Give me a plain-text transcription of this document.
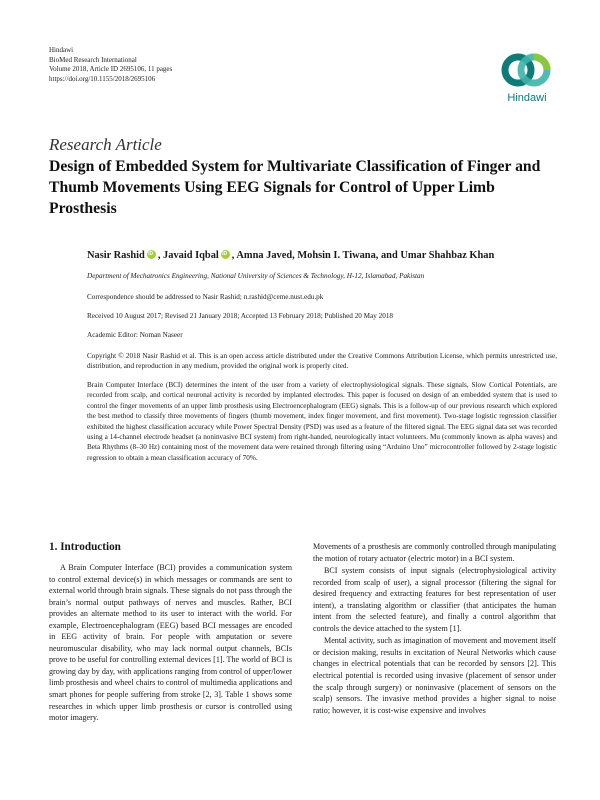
Hindawi
BioMed Research International
Volume 2018, Article ID 2695106, 11 pages
https://doi.org/10.1155/2018/2695106
Hindawi
Research Article
Design of Embedded System for Multivariate Classification of Finger and Thumb Movements Using EEG Signals for Control of Upper Limb Prosthesis
Nasir Rashid iD , Javaid Iqbal iD , Amna Javed, Mohsin I. Tiwana, and Umar Shahbaz Khan
Department of Mechatronics Engineering, National University of Sciences & Technology, H-12, Islamabad, Pakistan
Correspondence should be addressed to Nasir Rashid; n.rashid@ceme.nust.edu.pk
Received 10 August 2017; Revised 21 January 2018; Accepted 13 February 2018; Published 20 May 2018
Academic Editor: Noman Naseer
Copyright © 2018 Nasir Rashid et al. This is an open access article distributed under the Creative Commons Attribution License, which permits unrestricted use, distribution, and reproduction in any medium, provided the original work is properly cited.
Brain Computer Interface (BCI) determines the intent of the user from a variety of electrophysiological signals. These signals, Slow Cortical Potentials, are recorded from scalp, and cortical neuronal activity is recorded by implanted electrodes. This paper is focused on design of an embedded system that is used to control the finger movements of an upper limb prosthesis using Electroencephalogram (EEG) signals. This is a follow-up of our previous research which explored the best method to classify three movements of fingers (thumb movement, index finger movement, and first movement). Two-stage logistic regression classifier exhibited the highest classification accuracy while Power Spectral Density (PSD) was used as a feature of the filtered signal. The EEG signal data set was recorded using a 14-channel electrode headset (a noninvasive BCI system) from right-handed, neurologically intact volunteers. Mu (commonly known as alpha waves) and Beta Rhythms (8–30 Hz) containing most of the movement data were retained through filtering using “Arduino Uno” microcontroller followed by 2-stage logistic regression to obtain a mean classification accuracy of 70%.
1. Introduction

A Brain Computer Interface (BCI) provides a communication system to control external device(s) in which messages or commands are sent to external world through brain signals. These signals do not pass through the brain’s normal output pathways of nerves and muscles. Rather, BCI provides an alternate method to its user to interact with the world. For example, Electroencephalogram (EEG) based BCI messages are encoded in EEG activity of brain. For people with amputation or severe neuromuscular disability, who may lack normal output channels, BCIs prove to be useful for controlling external devices [1]. The world of BCI is growing day by day, with applications ranging from control of upper/lower limb prosthesis and wheel chairs to control of multimedia applications and smart phones for people suffering from stroke [2, 3]. Table 1 shows some researches in which upper limb prosthesis or cursor is controlled using motor imagery.

Movements of a prosthesis are commonly controlled through manipulating the motion of rotary actuator (electric motor) in a BCI system.

BCI system consists of input signals (electrophysiological activity recorded from scalp of user), a signal processor (filtering the signal for desired frequency and extracting features for best representation of user intent), a translating algorithm or classifier (that anticipates the human intent from the selected feature), and finally a control algorithm that controls the device attached to the system [1].

Mental activity, such as imagination of movement and movement itself or decision making, results in excitation of Neural Networks which cause changes in electrical potentials that can be recorded by sensors [2]. This electrical potential is recorded using invasive (placement of sensor under the scalp through surgery) or noninvasive (placement of sensors on the scalp) sensors. The invasive method provides a higher signal to noise ratio; however, it is cost-wise expensive and involves
